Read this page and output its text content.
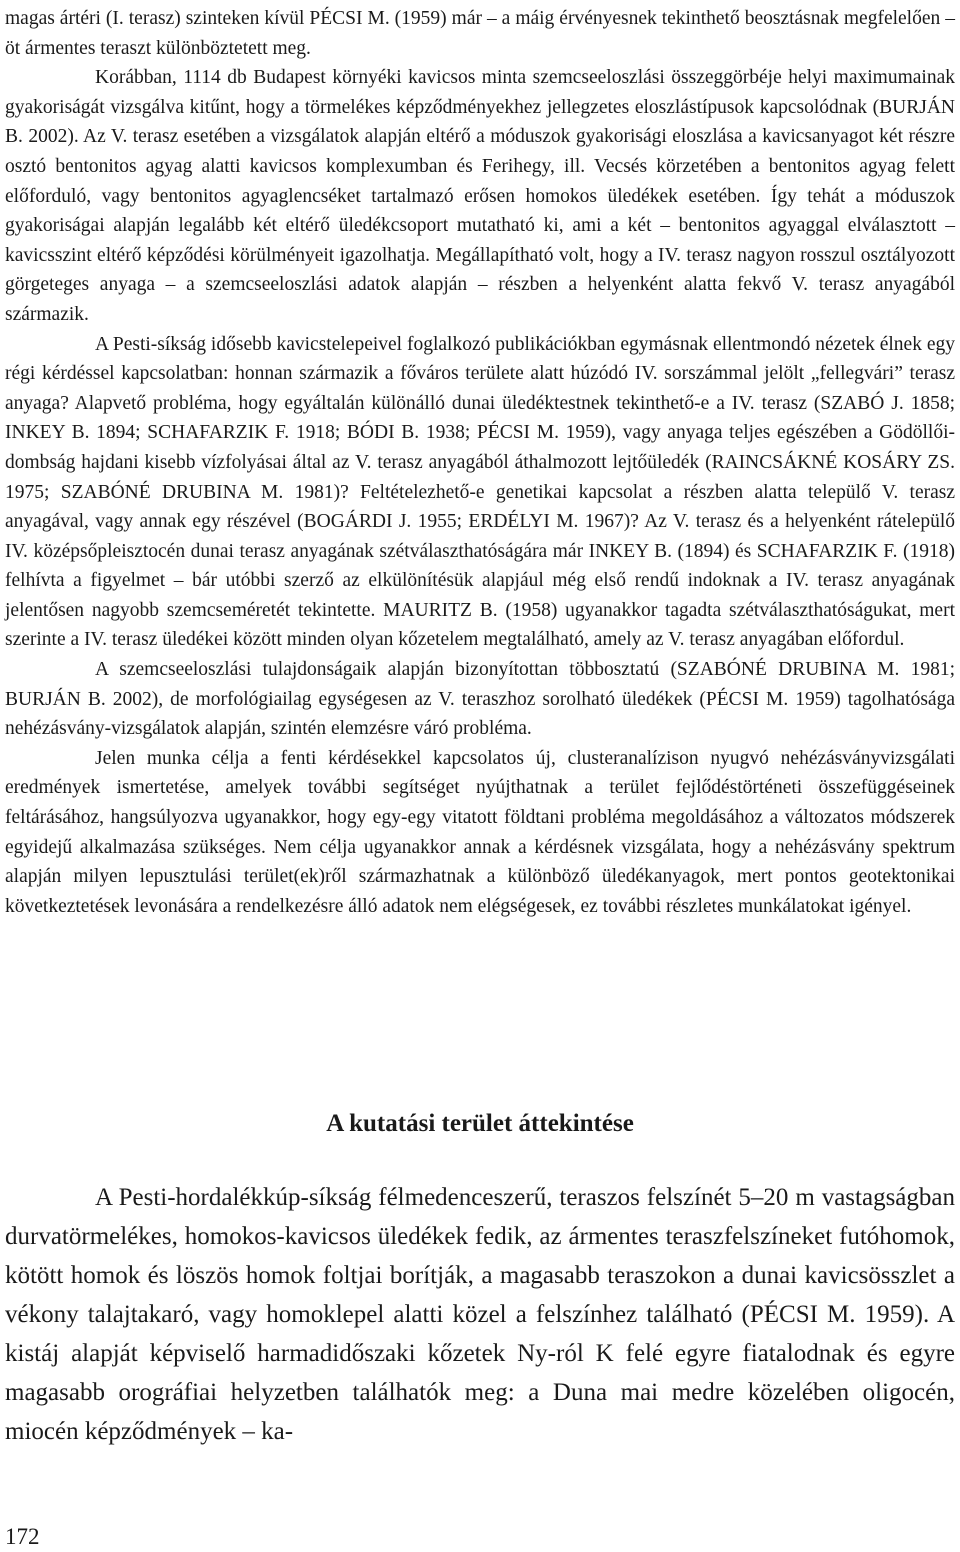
magas ártéri (I. terasz) szinteken kívül PÉCSI M. (1959) már – a máig érvényesnek tekinthető beosztásnak megfelelően – öt ármentes teraszt különböztetett meg.

Korábban, 1114 db Budapest környéki kavicsos minta szemcseeloszlási összeggörbéje helyi maximumainak gyakoriságát vizsgálva kitűnt, hogy a törmelékes képződményekhez jellegzetes eloszlástípusok kapcsolódnak (BURJÁN B. 2002). Az V. terasz esetében a vizsgálatok alapján eltérő a móduszok gyakorisági eloszlása a kavicsanyagot két részre osztó bentonitos agyag alatti kavicsos komplexumban és Ferihegy, ill. Vecsés körzetében a bentonitos agyag felett előforduló, vagy bentonitos agyaglencséket tartalmazó erősen homokos üledékek esetében. Így tehát a móduszok gyakoriságai alapján legalább két eltérő üledékcsoport mutatható ki, ami a két – bentonitos agyaggal elválasztott – kavicsszint eltérő képződési körülményeit igazolhatja. Megállapítható volt, hogy a IV. terasz nagyon rosszul osztályozott görgeteges anyaga – a szemcseeloszlási adatok alapján – részben a helyenként alatta fekvő V. terasz anyagából származik.

A Pesti-síkság idősebb kavicstelepeivel foglalkozó publikációkban egymásnak ellentmondó nézetek élnek egy régi kérdéssel kapcsolatban: honnan származik a főváros területe alatt húzódó IV. sorszámmal jelölt „fellegvári” terasz anyaga? Alapvető probléma, hogy egyáltalán különálló dunai üledéktestnek tekinthető-e a IV. terasz (SZABÓ J. 1858; INKEY B. 1894; SCHAFARZIK F. 1918; BÓDI B. 1938; PÉCSI M. 1959), vagy anyaga teljes egészében a Gödöllői-dombság hajdani kisebb vízfolyásai által az V. terasz anyagából áthalmozott lejtőüledék (RAINCSÁKNÉ KOSÁRY ZS. 1975; SZABÓNÉ DRUBINA M. 1981)? Feltételezhető-e genetikai kapcsolat a részben alatta települő V. terasz anyagával, vagy annak egy részével (BOGÁRDI J. 1955; ERDÉLYI M. 1967)? Az V. terasz és a helyenként rátelepülő IV. középsőpleisztocén dunai terasz anyagának szétválaszthatóságára már INKEY B. (1894) és SCHAFARZIK F. (1918) felhívta a figyelmet – bár utóbbi szerző az elkülönítésük alapjául még első rendű indoknak a IV. terasz anyagának jelentősen nagyobb szemcseméretét tekintette. MAURITZ B. (1958) ugyanakkor tagadta szétválaszthatóságukat, mert szerinte a IV. terasz üledékei között minden olyan kőzetelem megtalálható, amely az V. terasz anyagában előfordul.

A szemcseeloszlási tulajdonságaik alapján bizonyítottan többosztatú (SZABÓNÉ DRUBINA M. 1981; BURJÁN B. 2002), de morfológiailag egységesen az V. teraszhoz sorolható üledékek (PÉCSI M. 1959) tagolhatósága nehézásvány-vizsgálatok alapján, szintén elemzésre váró probléma.

Jelen munka célja a fenti kérdésekkel kapcsolatos új, clusteranalízison nyugvó nehézásványvizsgálati eredmények ismertetése, amelyek további segítséget nyújthatnak a terület fejlődéstörténeti összefüggéseinek feltárásához, hangsúlyozva ugyanakkor, hogy egy-egy vitatott földtani probléma megoldásához a változatos módszerek egyidejű alkalmazása szükséges. Nem célja ugyanakkor annak a kérdésnek vizsgálata, hogy a nehézásvány spektrum alapján milyen lepusztulási terület(ek)ről származhatnak a különböző üledékanyagok, mert pontos geotektonikai következtetések levonására a rendelkezésre álló adatok nem elégségesek, ez további részletes munkálatokat igényel.

A kutatási terület áttekintése

A Pesti-hordalékkúp-síkság félmedenceszerű, teraszos felszínét 5–20 m vastagságban durvatörmelékes, homokos-kavicsos üledékek fedik, az ármentes teraszfelszíneket futóhomok, kötött homok és löszös homok foltjai borítják, a magasabb teraszokon a dunai kavicsösszlet a vékony talajtakaró, vagy homoklepel alatti közel a felszínhez található (PÉCSI M. 1959). A kistáj alapját képviselő harmadidőszaki kőzetek Ny-ról K felé egyre fiatalodnak és egyre magasabb orográfiai helyzetben találhatók meg: a Duna mai medre közelében oligocén, miocén képződmények – ka-

172
